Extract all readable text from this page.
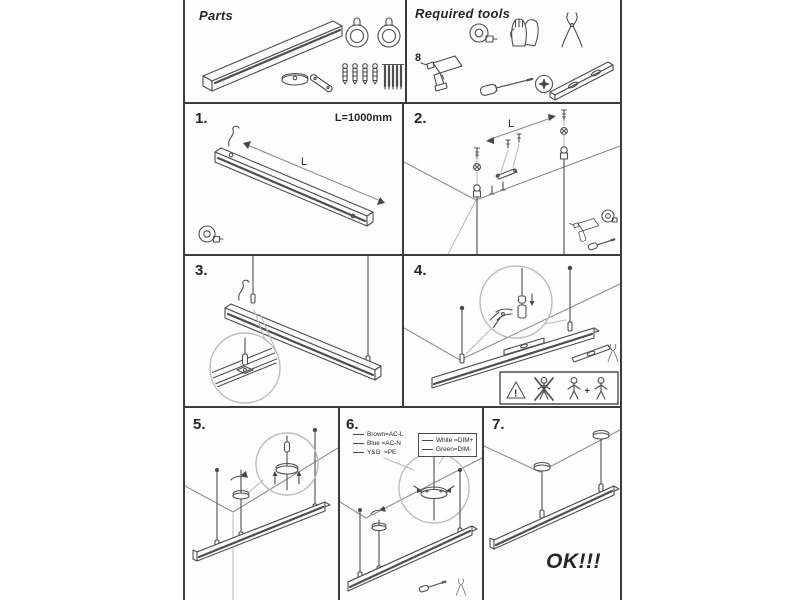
Parts	Required tools
8
1.	L=1000mm
L
2.	L
3.
!	+
4.
5.	6.
Brown=AC-L
Blue =AC-N
Y&G  =PE
White =DIM+
Green=DIM-
7.
OK!!!
